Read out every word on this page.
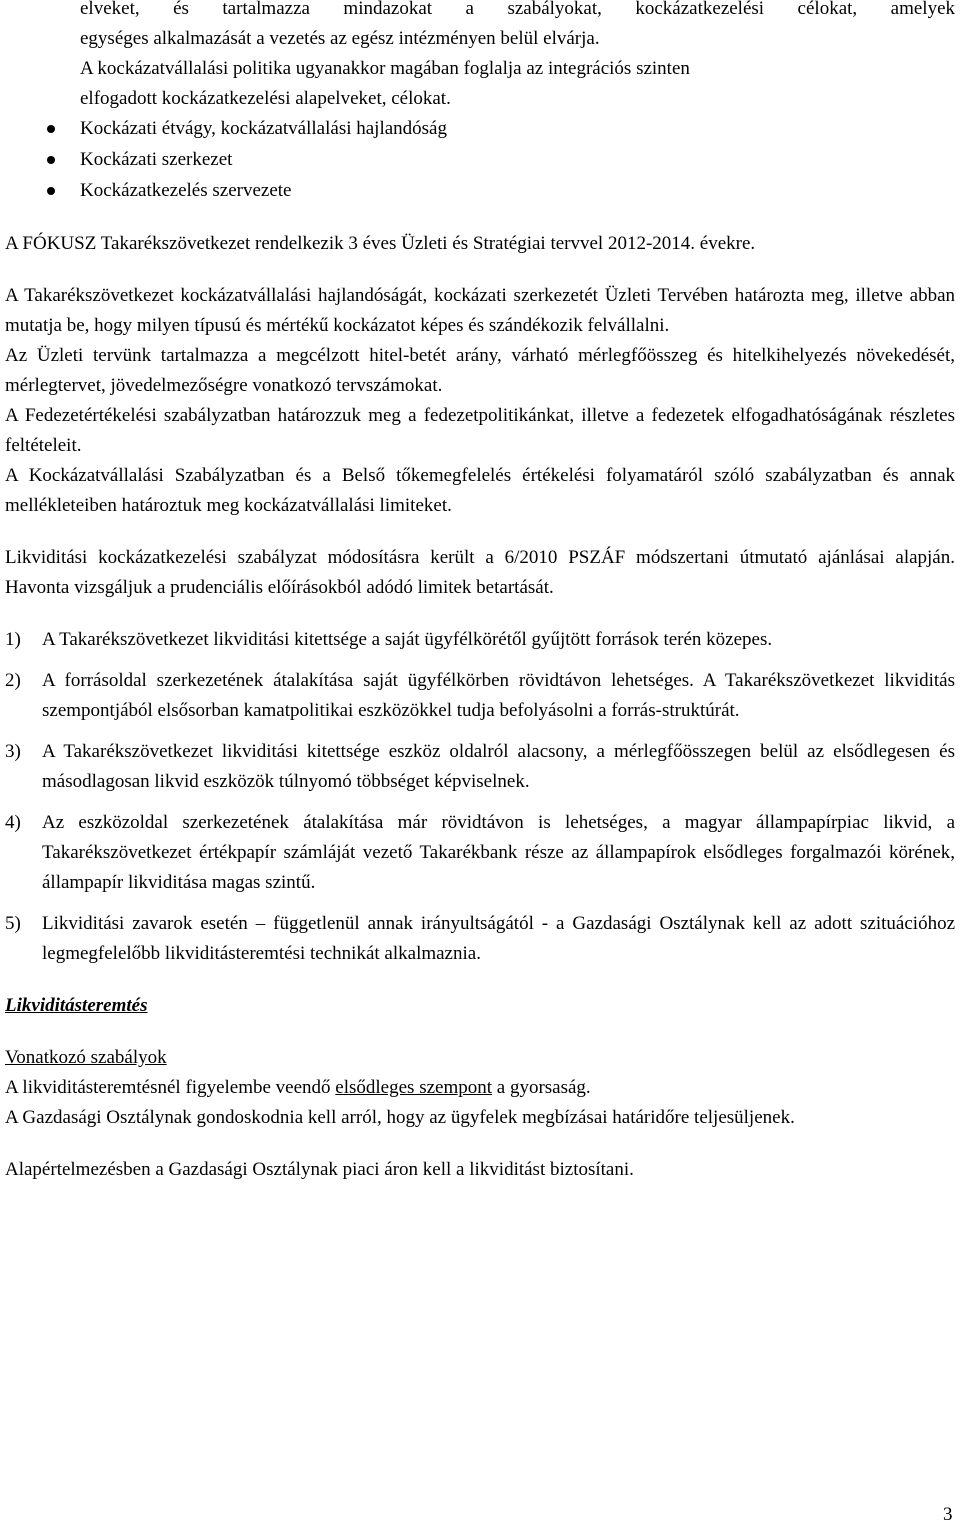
elveket, és tartalmazza mindazokat a szabályokat, kockázatkezelési célokat, amelyek
egységes alkalmazását a vezetés az egész intézményen belül elvárja.
A kockázatvállalási politika ugyanakkor magában foglalja az integrációs szinten
elfogadott kockázatkezelési alapelveket, célokat.
Kockázati étvágy, kockázatvállalási hajlandóság
Kockázati szerkezet
Kockázatkezelés szervezete

A FÓKUSZ Takarékszövetkezet rendelkezik 3 éves Üzleti és Stratégiai tervvel 2012-2014. évekre.

A Takarékszövetkezet kockázatvállalási hajlandóságát, kockázati szerkezetét Üzleti Tervében határozta meg, illetve abban mutatja be, hogy milyen típusú és mértékű kockázatot képes és szándékozik felvállalni.

Az Üzleti tervünk tartalmazza a megcélzott hitel-betét arány, várható mérlegfőösszeg és hitelkihelyezés növekedését, mérlegtervet, jövedelmezőségre vonatkozó tervszámokat.

A Fedezetértékelési szabályzatban határozzuk meg a fedezetpolitikánkat, illetve a fedezetek elfogadhatóságának részletes feltételeit.

A Kockázatvállalási Szabályzatban és a Belső tőkemegfelelés értékelési folyamatáról szóló szabályzatban és annak mellékleteiben határoztuk meg kockázatvállalási limiteket.

Likviditási kockázatkezelési szabályzat módosításra került a 6/2010 PSZÁF módszertani útmutató ajánlásai alapján. Havonta vizsgáljuk a prudenciális előírásokból adódó limitek betartását.

1) A Takarékszövetkezet likviditási kitettsége a saját ügyfélkörétől gyűjtött források terén közepes.
2) A forrásoldal szerkezetének átalakítása saját ügyfélkörben rövidtávon lehetséges. A Takarékszövetkezet likviditás szempontjából elsősorban kamatpolitikai eszközökkel tudja befolyásolni a forrás-struktúrát.
3) A Takarékszövetkezet likviditási kitettsége eszköz oldalról alacsony, a mérlegfőösszegen belül az elsődlegesen és másodlagosan likvid eszközök túlnyomó többséget képviselnek.
4) Az eszközoldal szerkezetének átalakítása már rövidtávon is lehetséges, a magyar állampapírpiac likvid, a Takarékszövetkezet értékpapír számláját vezető Takarékbank része az állampapírok elsődleges forgalmazói körének, állampapír likviditása magas szintű.
5) Likviditási zavarok esetén – függetlenül annak irányultságától - a Gazdasági Osztálynak kell az adott szituációhoz legmegfelelőbb likviditásteremtési technikát alkalmaznia.
Likviditásteremtés
Vonatkozó szabályok

A likviditásteremtésnél figyelembe veendő elsődleges szempont a gyorsaság.

A Gazdasági Osztálynak gondoskodnia kell arról, hogy az ügyfelek megbízásai határidőre teljesüljenek.

Alapértelmezésben a Gazdasági Osztálynak piaci áron kell a likviditást biztosítani.

3
